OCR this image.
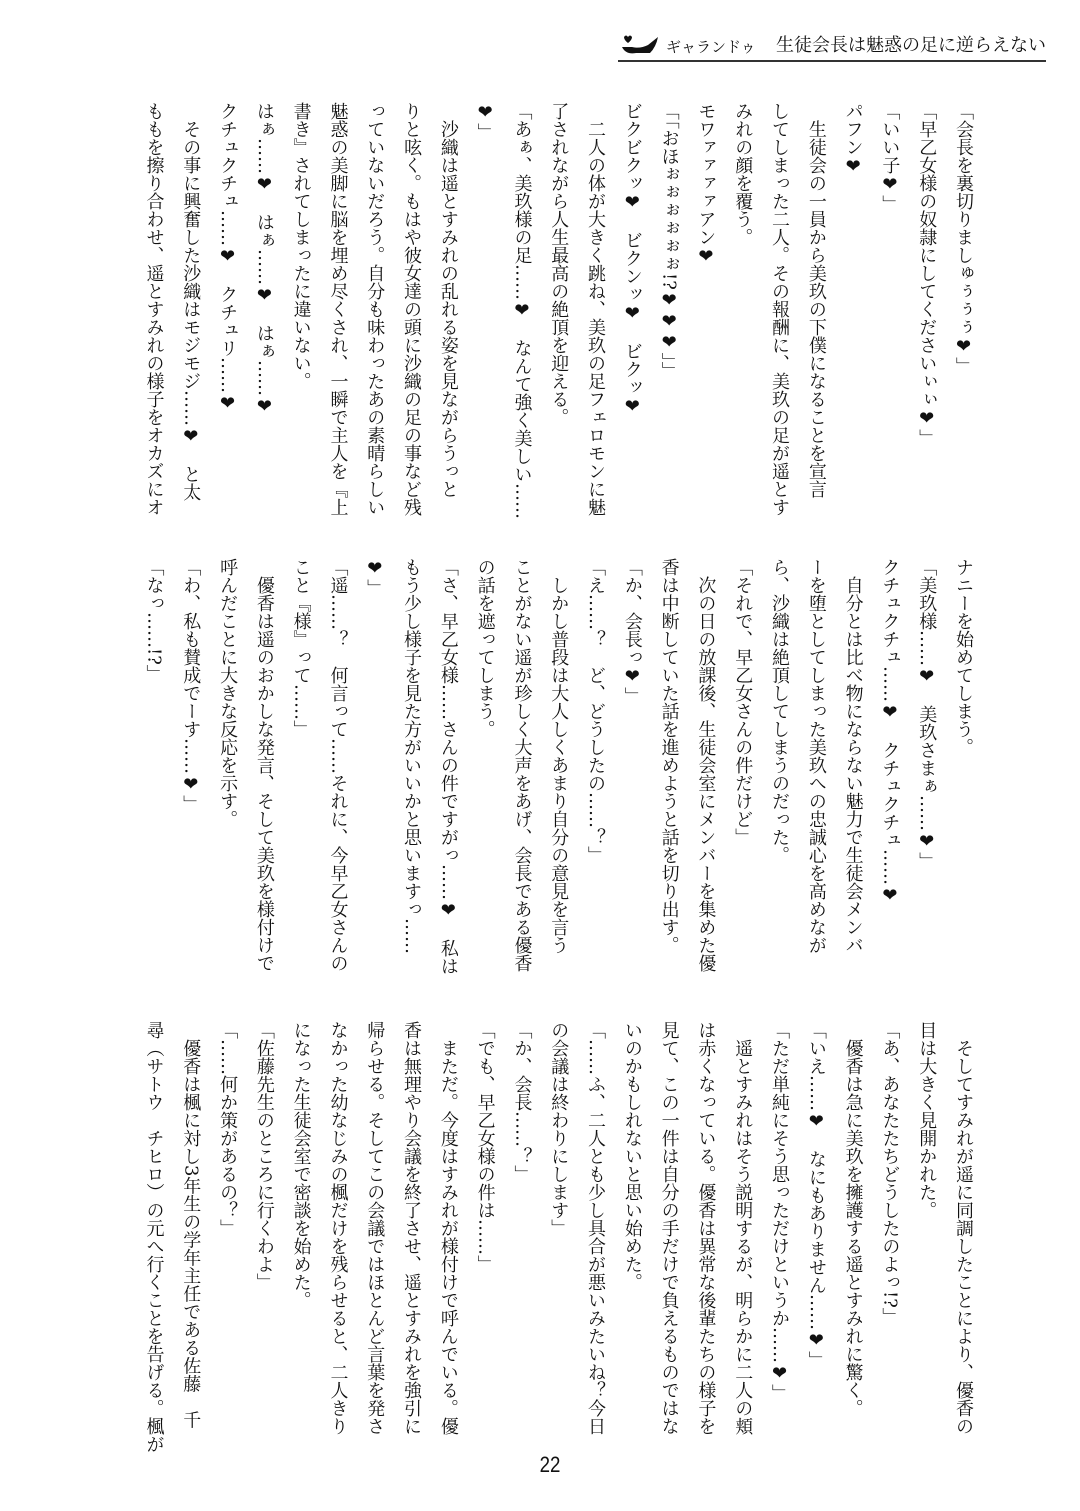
ギャランドゥ	生徒会長は魅惑の足に逆らえない
「会長を裏切りましゅぅぅぅ❤」
「早乙女様の奴隷にしてくださいぃぃ❤」
「いい子❤」
パフン❤
　生徒会の一員から美玖の下僕になることを宣言
してしまった二人。その報酬に、美玖の足が遥とす
みれの顔を覆う。
モワァァァァアン❤
「「おほぉぉぉぉぉぉ!?❤❤❤」」
ビクビクッ❤　ビクンッ❤　ビクッ❤
　二人の体が大きく跳ね、美玖の足フェロモンに魅
了されながら人生最高の絶頂を迎える。
「あぁ、美玖様の足……❤　なんて強く美しい……
❤」
　沙織は遥とすみれの乱れる姿を見ながらうっと
りと呟く。もはや彼女達の頭に沙織の足の事など残
っていないだろう。自分も味わったあの素晴らしい
魅惑の美脚に脳を埋め尽くされ、一瞬で主人を『上
書き』されてしまったに違いない。
はぁ……❤　はぁ……❤　はぁ……❤
クチュクチュ……❤　クチュリ……❤
　その事に興奮した沙織はモジモジ……❤　と太
ももを擦り合わせ、遥とすみれの様子をオカズにオ
ナニーを始めてしまう。
「美玖様……❤　美玖さまぁ……❤」
クチュクチュ……❤　クチュクチュ……❤
　自分とは比べ物にならない魅力で生徒会メンバ
ーを堕としてしまった美玖への忠誠心を高めなが
ら、沙織は絶頂してしまうのだった。
「それで、早乙女さんの件だけど」
　次の日の放課後、生徒会室にメンバーを集めた優
香は中断していた話を進めようと話を切り出す。
「か、会長っ❤」
「え……？　ど、どうしたの……？」
　しかし普段は大人しくあまり自分の意見を言う
ことがない遥が珍しく大声をあげ、会長である優香
の話を遮ってしまう。
「さ、早乙女様……さんの件ですがっ……❤　私は
もう少し様子を見た方がいいかと思いますっ……
❤」
「遥……？　何言って……それに、今早乙女さんの
こと『様』って……」
　優香は遥のおかしな発言、そして美玖を様付けで
呼んだことに大きな反応を示す。
「わ、私も賛成でーす……❤」
「なっ……!?」
　そしてすみれが遥に同調したことにより、優香の
目は大きく見開かれた。
「あ、あなたたちどうしたのよっ!?」
　優香は急に美玖を擁護する遥とすみれに驚く。
「いえ……❤　なにもありません……❤」
「ただ単純にそう思っただけというか……❤」
　遥とすみれはそう説明するが、明らかに二人の頬
は赤くなっている。優香は異常な後輩たちの様子を
見て、この一件は自分の手だけで負えるものではな
いのかもしれないと思い始めた。
「……ふ、二人とも少し具合が悪いみたいね？今日
の会議は終わりにします」
「か、会長……？」
「でも、早乙女様の件は……」
　まただ。今度はすみれが様付けで呼んでいる。優
香は無理やり会議を終了させ、遥とすみれを強引に
帰らせる。そしてこの会議ではほとんど言葉を発さ
なかった幼なじみの楓だけを残らせると、二人きり
になった生徒会室で密談を始めた。
「佐藤先生のところに行くわよ」
「……何か策があるの？」
　優香は楓に対し3年生の学年主任である佐藤　千
尋（サトウ　チヒロ）の元へ行くことを告げる。楓が
22
